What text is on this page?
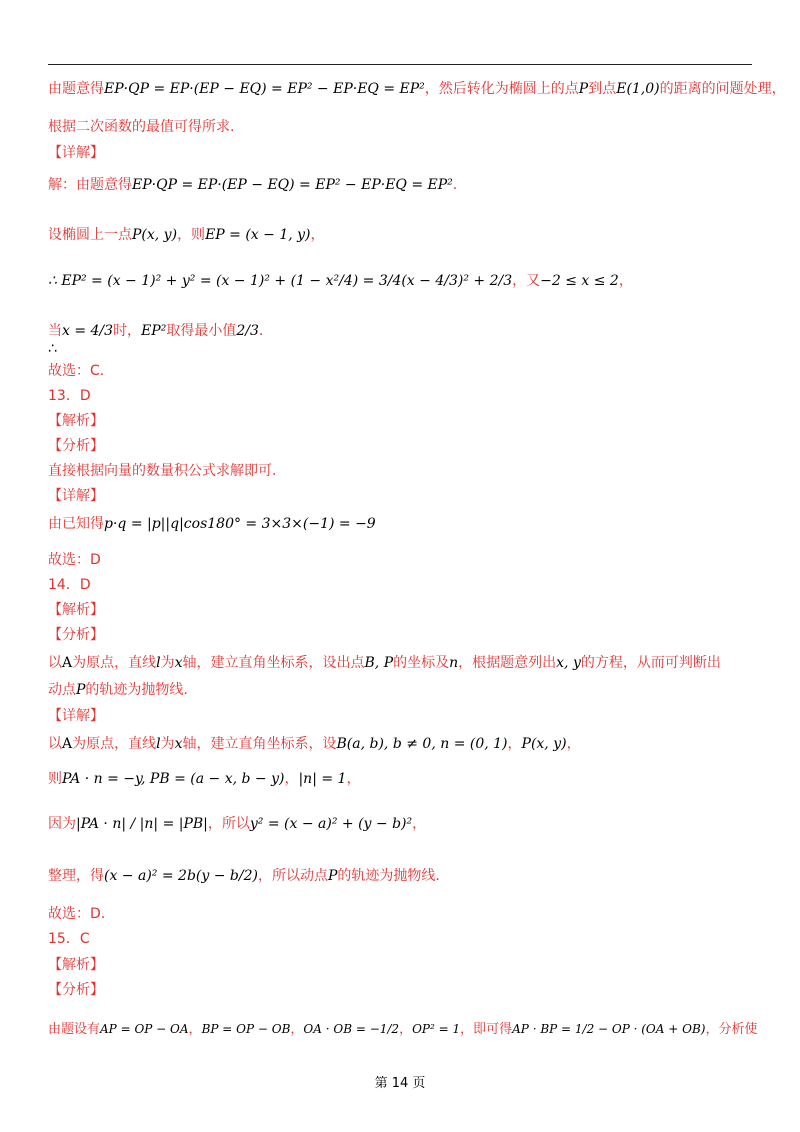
由题意得EP·QP = EP·(EP − EQ) = EP² − EP·EQ = EP²，然后转化为椭圆上的点P到点E(1,0)的距离的问题处理，
根据二次函数的最值可得所求.
【详解】
解：由题意得EP·QP = EP·(EP − EQ) = EP² − EP·EQ = EP².
设椭圆上一点P(x, y)，则EP = (x − 1, y)，
∴ EP² = (x − 1)² + y² = (x − 1)² + (1 − x²/4) = 3/4(x − 4/3)² + 2/3，又−2 ≤ x ≤ 2，
当x = 4/3时，EP²取得最小值2/3.
∴
故选：C.
13．D
【解析】
【分析】
直接根据向量的数量积公式求解即可.
【详解】
由已知得p·q = |p||q|cos180° = 3×3×(−1) = −9
故选：D
14．D
【解析】
【分析】
以A为原点，直线l为x轴，建立直角坐标系，设出点B, P的坐标及n，根据题意列出x, y的方程，从而可判断出
动点P的轨迹为抛物线.
【详解】
以A为原点，直线l为x轴，建立直角坐标系，设B(a, b), b ≠ 0, n = (0, 1)，P(x, y)，
则PA · n = −y, PB = (a − x, b − y)，|n| = 1，
因为|PA · n| / |n| = |PB|，所以y² = (x − a)² + (y − b)²，
整理，得(x − a)² = 2b(y − b/2)，所以动点P的轨迹为抛物线.
故选：D.
15．C
【解析】
【分析】
由题设有AP = OP − OA，BP = OP − OB，OA · OB = −1/2，OP² = 1，即可得AP · BP = 1/2 − OP · (OA + OB)，分析使
第 14 页
